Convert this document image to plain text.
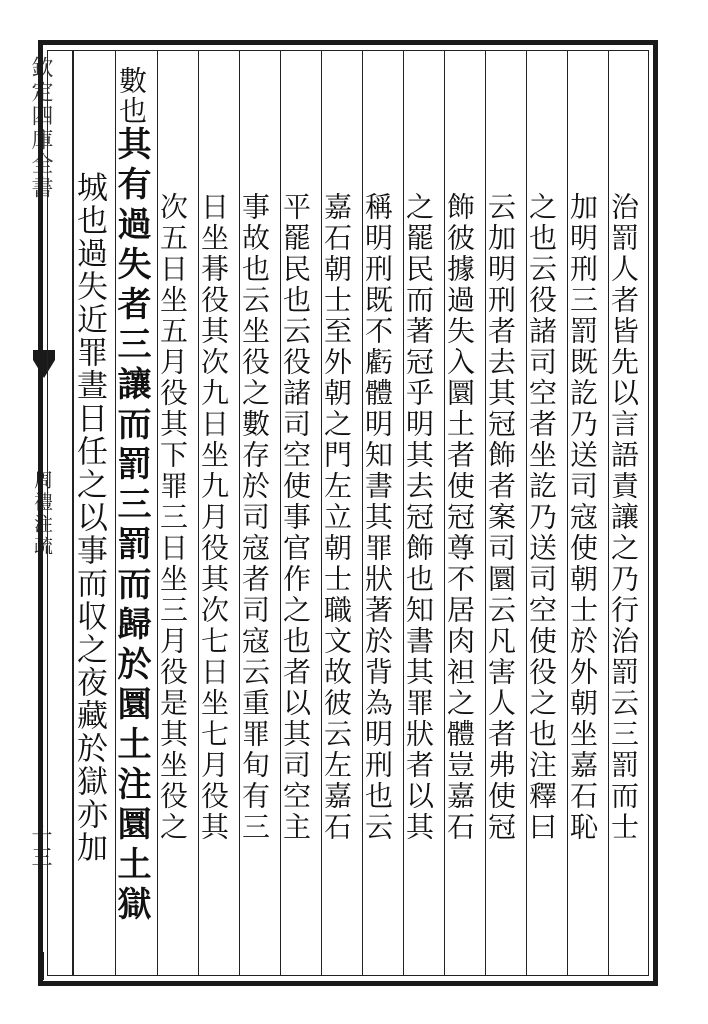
欽定四庫全書
周禮注疏
十三
治罰人者皆先以言語責讓之乃行治罰云三罰而士
加明刑三罰既訖乃送司寇使朝士於外朝坐嘉石恥
之也云役諸司空者坐訖乃送司空使役之也注釋曰
云加明刑者去其冠飾者案司圜云凡害人者弗使冠
飾彼據過失入圜土者使冠尊不居肉袒之體豈嘉石
之罷民而著冠乎明其去冠飾也知書其罪狀者以其
稱明刑既不虧體明知書其罪狀著於背為明刑也云
嘉石朝士至外朝之門左立朝士職文故彼云左嘉石
平罷民也云役諸司空使事官作之也者以其司空主
事故也云坐役之數存於司寇者司寇云重罪旬有三
日坐朞役其次九日坐九月役其次七日坐七月役其
次五日坐五月役其下罪三日坐三月役是其坐役之
數也其有過失者三讓而罰三罰而歸於圜土注圜土獄
城也過失近罪晝日任之以事而収之夜藏於獄亦加
